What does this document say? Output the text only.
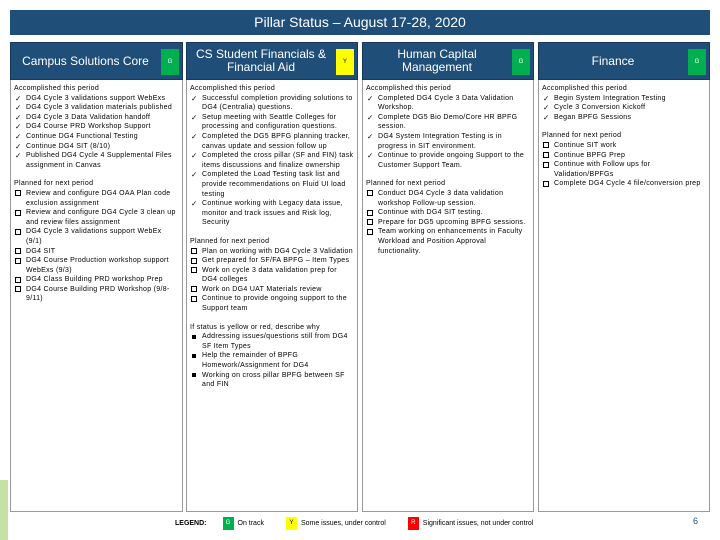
Pillar Status – August 17-28, 2020
Campus Solutions Core	G
Accomplished this period
✓ DG4 Cycle 3 validations support WebExs
✓ DG4 Cycle 3 validation materials published
✓ DG4 Cycle 3 Data Validation handoff
✓ DG4 Course PRD Workshop Support
✓ Continue DG4 Functional Testing
✓ Continue DG4 SIT (8/10)
✓ Published DG4 Cycle 4 Supplemental Files assignment in Canvas
Planned for next period
Review and configure DG4 OAA Plan code exclusion assignment
Review and configure DG4 Cycle 3 clean up and review files assignment
DG4 Cycle 3 validations support WebEx (9/1)
DG4 SIT
DG4 Course Production workshop support WebExs (9/3)
DG4 Class Building PRD workshop Prep
DG4 Course Building PRD Workshop (9/8-9/11)
CS Student Financials & Financial Aid	Y
Accomplished this period
✓ Successful completion providing solutions to DG4 (Centralia) questions.
✓ Setup meeting with Seattle Colleges for processing and configuration questions.
✓ Completed the DG5 BPFG planning tracker, canvas update and session follow up
✓ Completed the cross pillar (SF and FIN) task items discussions and finalize ownership
✓ Completed the Load Testing task list and provide recommendations on Fluid UI load testing
✓ Continue working with Legacy data issue, monitor and track issues and Risk log, Security
Planned for next period
Plan on working with DG4 Cycle 3 Validation
Get prepared for SF/FA BPFG – Item Types
Work on cycle 3 data validation prep for DG4 colleges
Work on DG4 UAT Materials review
Continue to provide ongoing support to the Support team
If status is yellow or red, describe why
Addressing issues/questions still from DG4 SF Item Types
Help the remainder of BPFG Homework/Assignment for DG4
Working on cross pillar BPFG between SF and FIN
Human Capital Management	G
Accomplished this period
✓ Completed DG4 Cycle 3 Data Validation Workshop.
✓ Complete DG5 Bio Demo/Core HR BPFG session.
✓ DG4 System Integration Testing is in progress in SIT environment.
✓ Continue to provide ongoing Support to the Customer Support Team.
Planned for next period
Conduct DG4 Cycle 3 data validation workshop Follow-up session.
Continue with DG4 SIT testing.
Prepare for DG5 upcoming BPFG sessions.
Team working on enhancements in Faculty Workload and Position Approval functionality.
Finance	G
Accomplished this period
✓ Begin System Integration Testing
✓ Cycle 3 Conversion Kickoff
✓ Began BPFG Sessions
Planned for next period
Continue SIT work
Continue BPFG Prep
Continue with Follow ups for Validation/BPFGs
Complete DG4 Cycle 4 file/conversion prep
LEGEND:	G	On track	Y	Some issues, under control	R	Significant issues, not under control	6
